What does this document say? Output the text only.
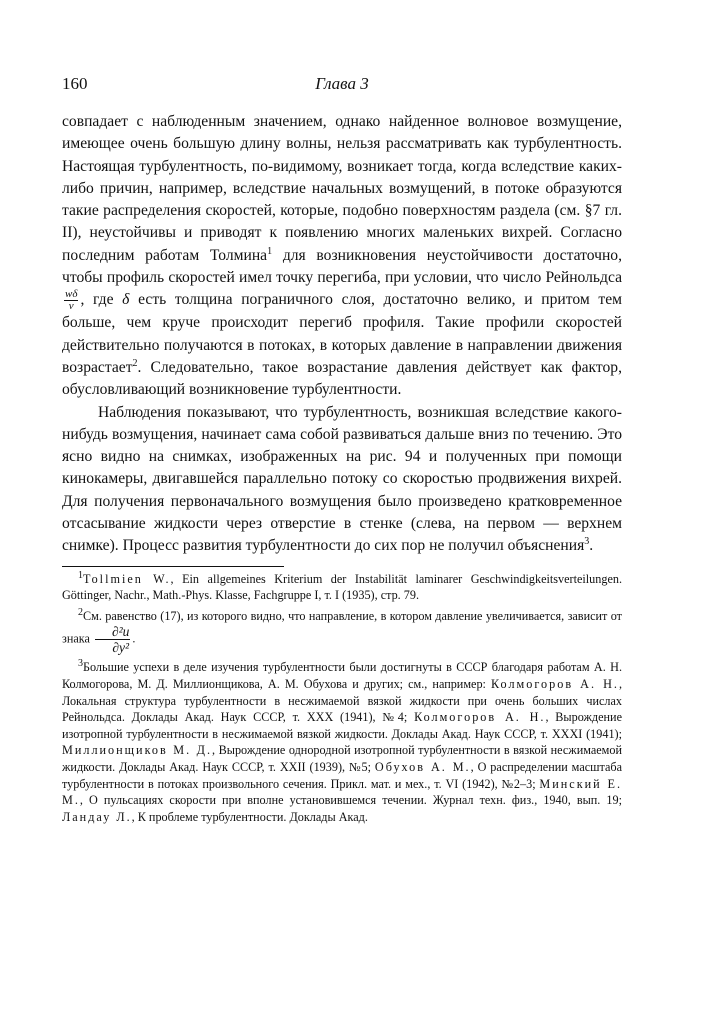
160	Глава 3

совпадает с наблюденным значением, однако найденное волновое возмущение, имеющее очень большую длину волны, нельзя рассматривать как турбулентность. Настоящая турбулентность, по-видимому, возникает тогда, когда вследствие каких-либо причин, например, вследствие начальных возмущений, в потоке образуются такие распределения скоростей, которые, подобно поверхностям раздела (см. §7 гл. II), неустойчивы и приводят к появлению многих маленьких вихрей. Согласно последним работам Толмина$^1$ для возникновения неустойчивости достаточно, чтобы профиль скоростей имел точку перегиба, при условии, что число Рейнольдса
$\frac{w\delta}{\nu}$ , где δ есть толщина пограничного слоя, достаточно велико, и притом тем больше, чем круче происходит перегиб профиля. Такие профили скоростей действительно получаются в потоках, в которых давление в направлении движения возрастает$^2$. Следовательно, такое возрастание давления действует как фактор, обусловливающий возникновение турбулентности.

Наблюдения показывают, что турбулентность, возникшая вследствие какого-нибудь возмущения, начинает сама собой развиваться дальше вниз по течению. Это ясно видно на снимках, изображенных на рис. 94 и полученных при помощи кинокамеры, двигавшейся параллельно потоку со скоростью продвижения вихрей. Для получения первоначального возмущения было произведено кратковременное отсасывание жидкости через отверстие в стенке (слева, на первом — верхнем снимке). Процесс развития турбулентности до сих пор не получил объяснения$^3$.

$^1$Tollmien W., Ein allgemeines Kriterium der Instabilität laminarer Geschwindigkeitsverteilungen. Göttinger, Nachr., Math.-Phys. Klasse, Fachgruppe I, т. I (1935), стр. 79.

$^2$См. равенство (17), из которого видно, что направление, в котором давление увеличивается, зависит от знака $\frac{\text{∂²u}}{\text{∂y²}}$ .

$^3$Большие успехи в деле изучения турбулентности были достигнуты в СССР благодаря работам А. Н. Колмогорова, М. Д. Миллионщикова, А. М. Обухова и других; см., например: Колмогоров А. Н., Локальная структура турбулентности в несжимаемой вязкой жидкости при очень больших числах Рейнольдса. Доклады Акад. Наук СССР, т. XXX (1941), №4; Колмогоров А. Н., Вырождение изотропной турбулентности в несжимаемой вязкой жидкости. Доклады Акад. Наук СССР, т. XXXI (1941); Миллионщиков М. Д., Вырождение однородной изотропной турбулентности в вязкой несжимаемой жидкости. Доклады Акад. Наук СССР, т. XXII (1939), №5; Обухов А. М., О распределении масштаба турбулентности в потоках произвольного сечения. Прикл. мат. и мех., т. VI (1942), №2–3; Минский Е. М., О пульсациях скорости при вполне установившемся течении. Журнал техн. физ., 1940, вып. 19; Ландау Л., К проблеме турбулентности. Доклады Акад.
